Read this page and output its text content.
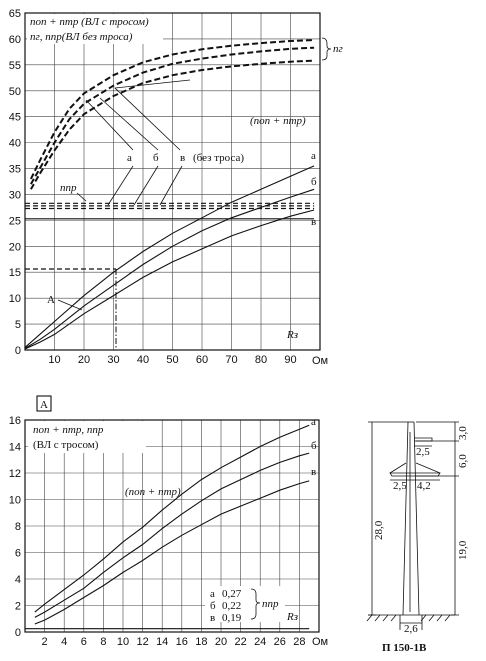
0
5
10
15
20
25
30
35
40
45
50
55
60
65
10 20 30 40 50 60 70 80 90 Ом
Rз
nоп + nтр (ВЛ с тросом)
nг, nпр(ВЛ без троса)
nг
(nоп + nтр)
а б в (без троса)
nпр
а
б
в
A
0
2
4
6
8
10
12
14
16
2 4 6 8 10 12 14 16 18 20 22 24 26 28 Ом
Rз
A
nоп + nтр, nпр
(ВЛ с тросом)
(nоп + nтр)
а
б
в
а 0,27
б 0,22
в 0,19
nпр
3,0
2,5
6,0
2,5 4,2
28,0
19,0
2,6
П 150-1В
